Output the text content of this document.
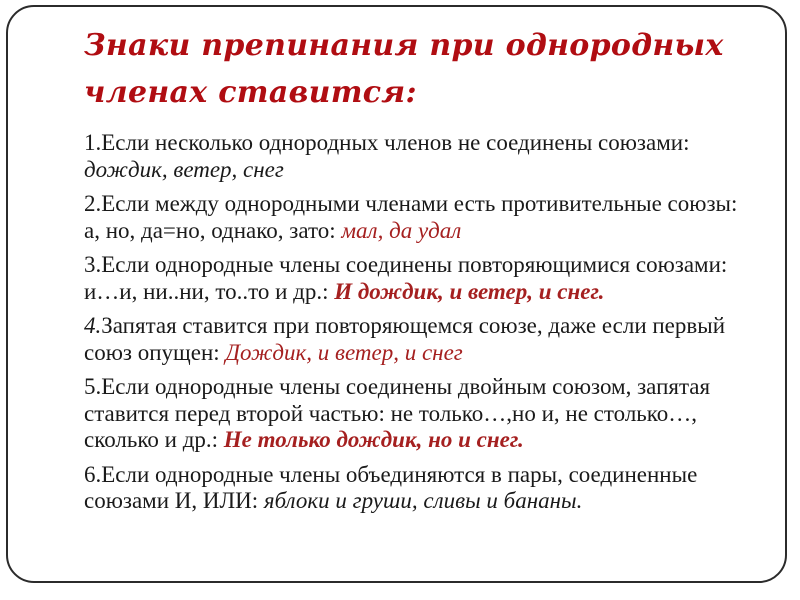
Знаки препинания при однородных членах ставится:

1.Если несколько однородных членов не соединены союзами: дождик, ветер, снег

2.Если между однородными членами есть противительные союзы: а, но, да=но, однако, зато: мал, да удал

3.Если однородные члены соединены повторяющимися союзами: и…и, ни..ни, то..то и др.: И дождик, и ветер, и снег.

4.Запятая ставится при повторяющемся союзе, даже если первый союз опущен: Дождик, и ветер, и снег

5.Если однородные члены соединены двойным союзом, запятая ставится перед второй частью: не только…,но и, не столько…, сколько и др.: Не только дождик, но и снег.

6.Если однородные члены объединяются в пары, соединенные союзами И, ИЛИ: яблоки и груши, сливы и бананы.
